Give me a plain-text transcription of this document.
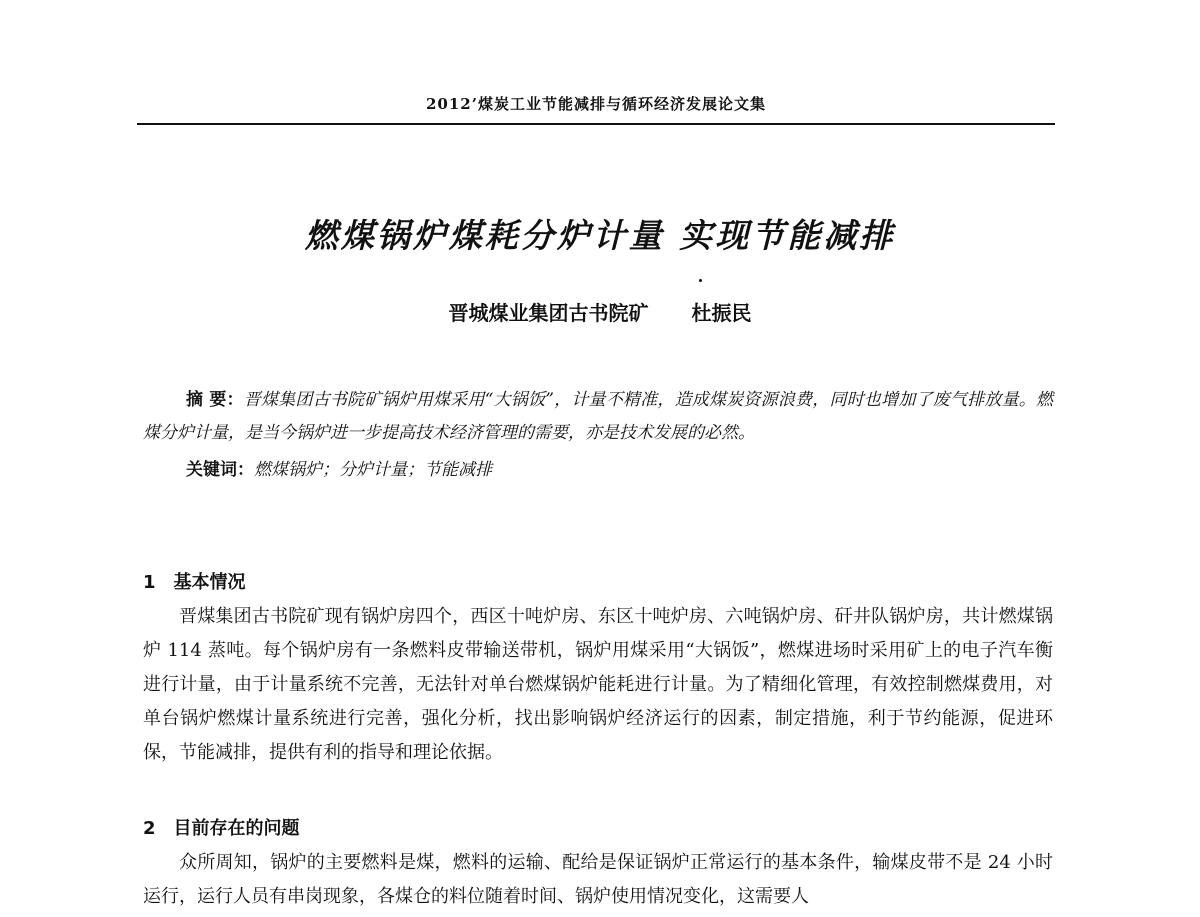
2012’煤炭工业节能减排与循环经济发展论文集
燃煤锅炉煤耗分炉计量 实现节能减排
晋城煤业集团古书院矿 杜振民

摘 要：晋煤集团古书院矿锅炉用煤采用“大锅饭”，计量不精准，造成煤炭资源浪费，同时也增加了废气排放量。燃煤分炉计量，是当今锅炉进一步提高技术经济管理的需要，亦是技术发展的必然。

关键词：燃煤锅炉；分炉计量；节能减排

1 基本情况

晋煤集团古书院矿现有锅炉房四个，西区十吨炉房、东区十吨炉房、六吨锅炉房、矸井队锅炉房，共计燃煤锅炉 114 蒸吨。每个锅炉房有一条燃料皮带输送带机，锅炉用煤采用“大锅饭”，燃煤进场时采用矿上的电子汽车衡进行计量，由于计量系统不完善，无法针对单台燃煤锅炉能耗进行计量。为了精细化管理，有效控制燃煤费用，对单台锅炉燃煤计量系统进行完善，强化分析，找出影响锅炉经济运行的因素，制定措施，利于节约能源，促进环保，节能减排，提供有利的指导和理论依据。

2 目前存在的问题

众所周知，锅炉的主要燃料是煤，燃料的运输、配给是保证锅炉正常运行的基本条件，输煤皮带不是 24 小时运行，运行人员有串岗现象，各煤仓的料位随着时间、锅炉使用情况变化，这需要人
